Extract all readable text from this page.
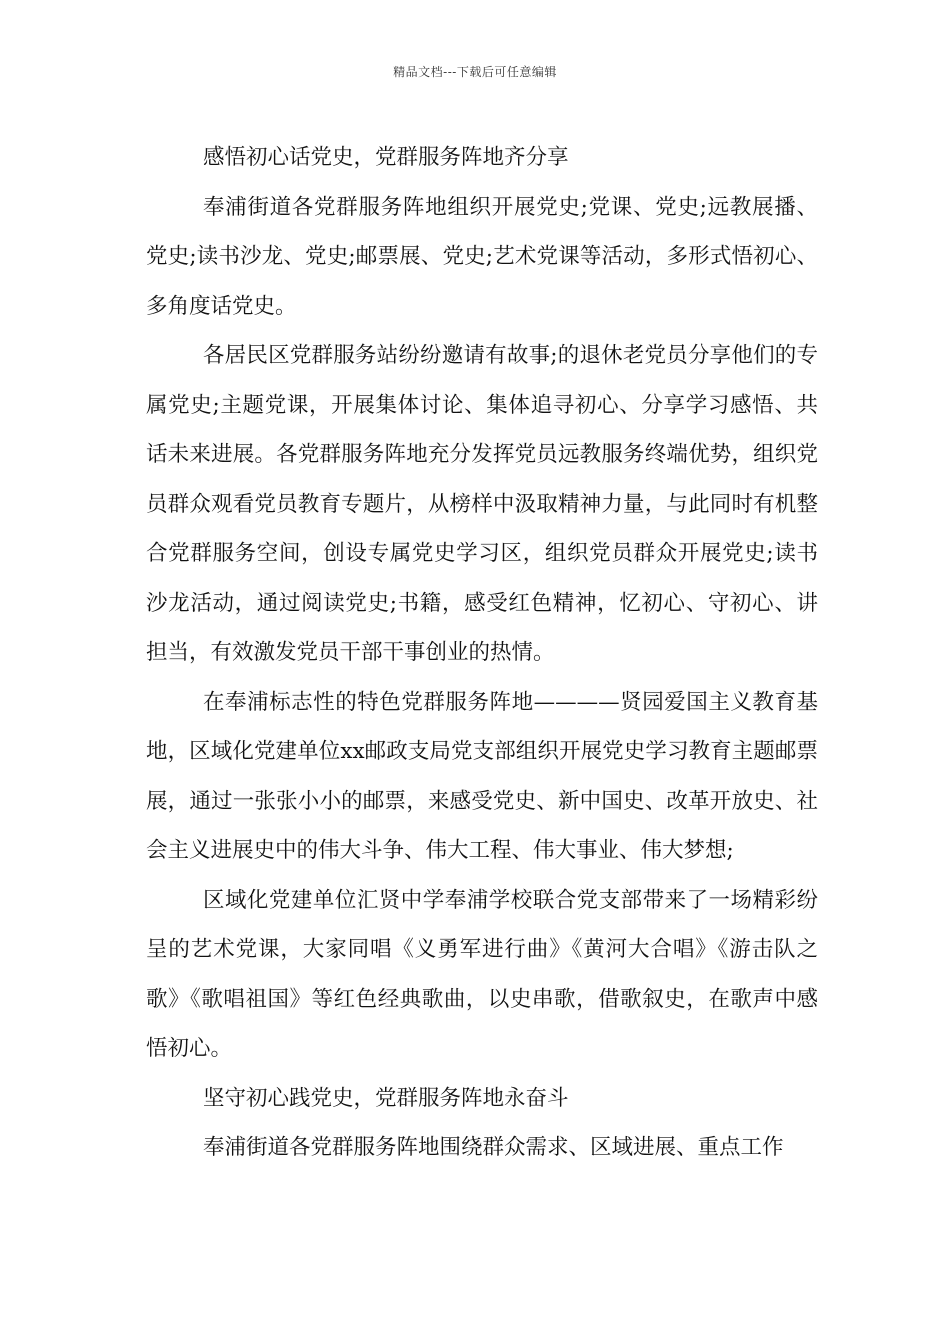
精品文档---下载后可任意编辑

感悟初心话党史，党群服务阵地齐分享

奉浦街道各党群服务阵地组织开展党史;党课、党史;远教展播、党史;读书沙龙、党史;邮票展、党史;艺术党课等活动，多形式悟初心、多角度话党史。

各居民区党群服务站纷纷邀请有故事;的退休老党员分享他们的专属党史;主题党课，开展集体讨论、集体追寻初心、分享学习感悟、共话未来进展。各党群服务阵地充分发挥党员远教服务终端优势，组织党员群众观看党员教育专题片，从榜样中汲取精神力量，与此同时有机整合党群服务空间，创设专属党史学习区，组织党员群众开展党史;读书沙龙活动，通过阅读党史;书籍，感受红色精神，忆初心、守初心、讲担当，有效激发党员干部干事创业的热情。

在奉浦标志性的特色党群服务阵地————贤园爱国主义教育基地，区域化党建单位xx邮政支局党支部组织开展党史学习教育主题邮票展，通过一张张小小的邮票，来感受党史、新中国史、改革开放史、社会主义进展史中的伟大斗争、伟大工程、伟大事业、伟大梦想;

区域化党建单位汇贤中学奉浦学校联合党支部带来了一场精彩纷呈的艺术党课，大家同唱《义勇军进行曲》《黄河大合唱》《游击队之歌》《歌唱祖国》等红色经典歌曲，以史串歌，借歌叙史，在歌声中感悟初心。

坚守初心践党史，党群服务阵地永奋斗

奉浦街道各党群服务阵地围绕群众需求、区域进展、重点工作
